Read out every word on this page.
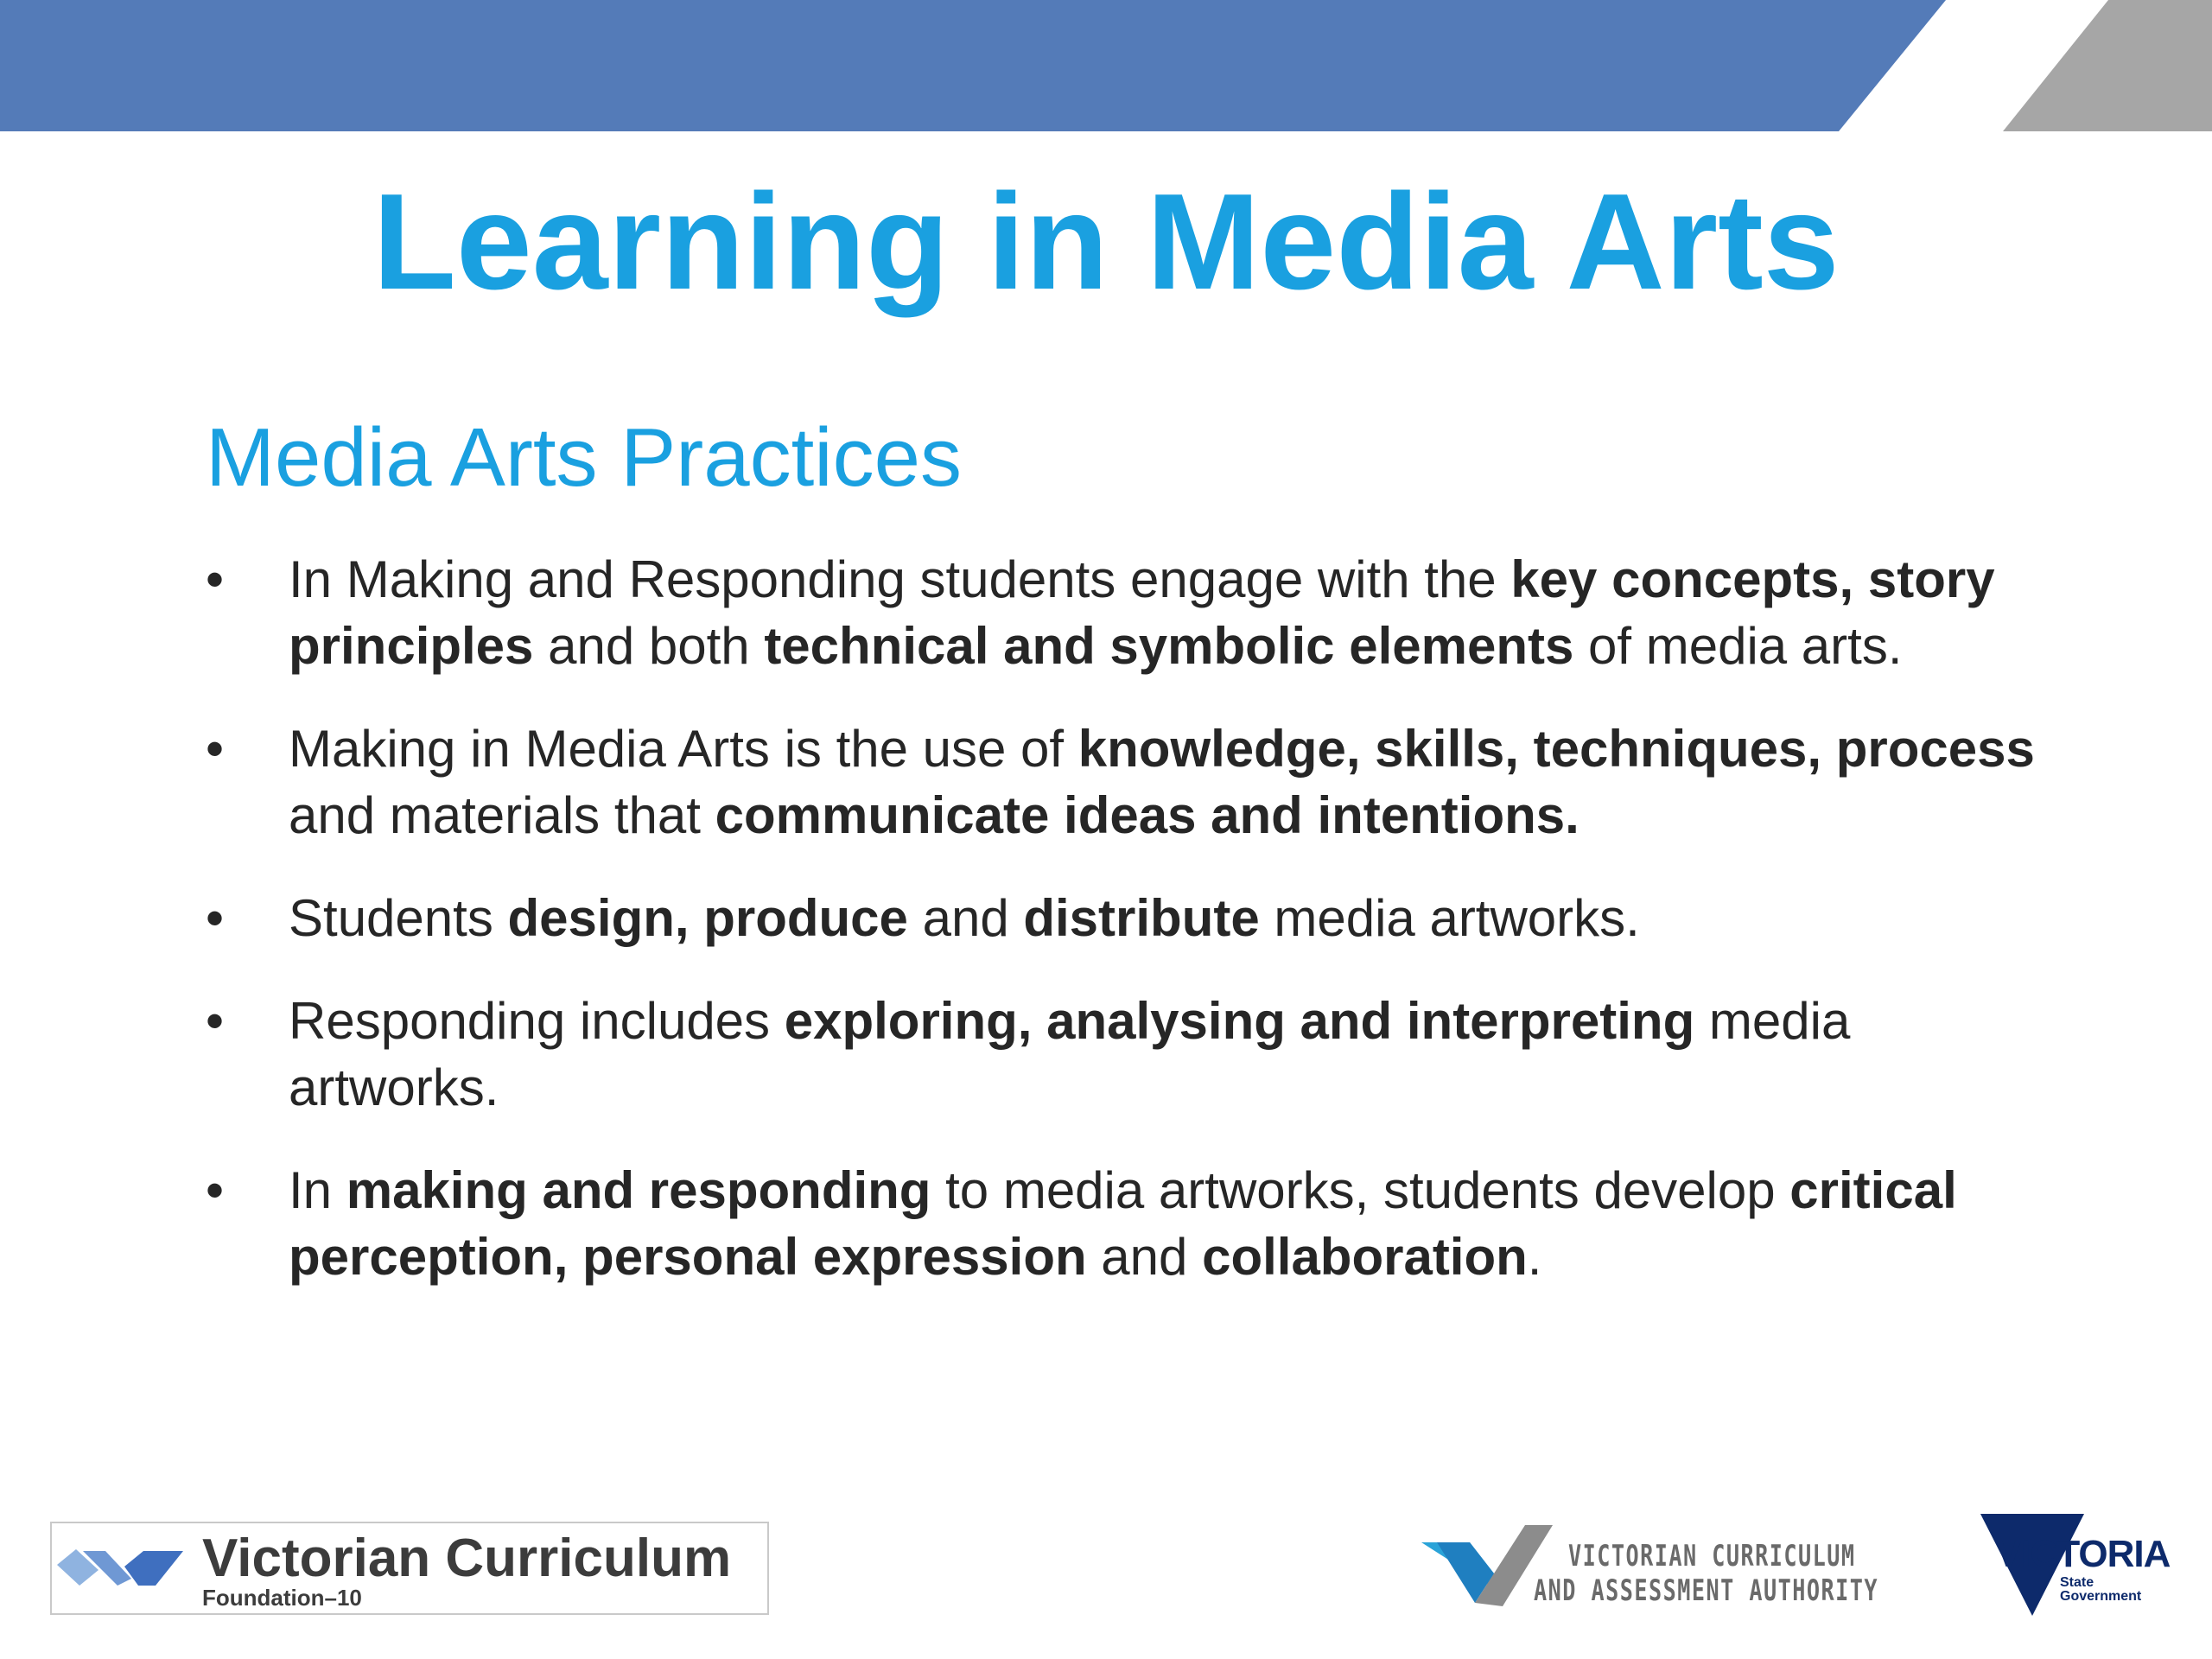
Learning in Media Arts
Media Arts Practices
•	In Making and Responding students engage with the key concepts, story principles and both technical and symbolic elements of media arts.
•	Making in Media Arts is the use of knowledge, skills, techniques, process and materials that communicate ideas and intentions.
•	Students design, produce and distribute media artworks.
•	Responding includes exploring, analysing and interpreting media artworks.
•	In making and responding to media artworks, students develop critical perception, personal expression and collaboration.
Victorian Curriculum
Foundation–10
VICTORIAN CURRICULUM
AND ASSESSMENT AUTHORITY
VICTORIA
State
Government
